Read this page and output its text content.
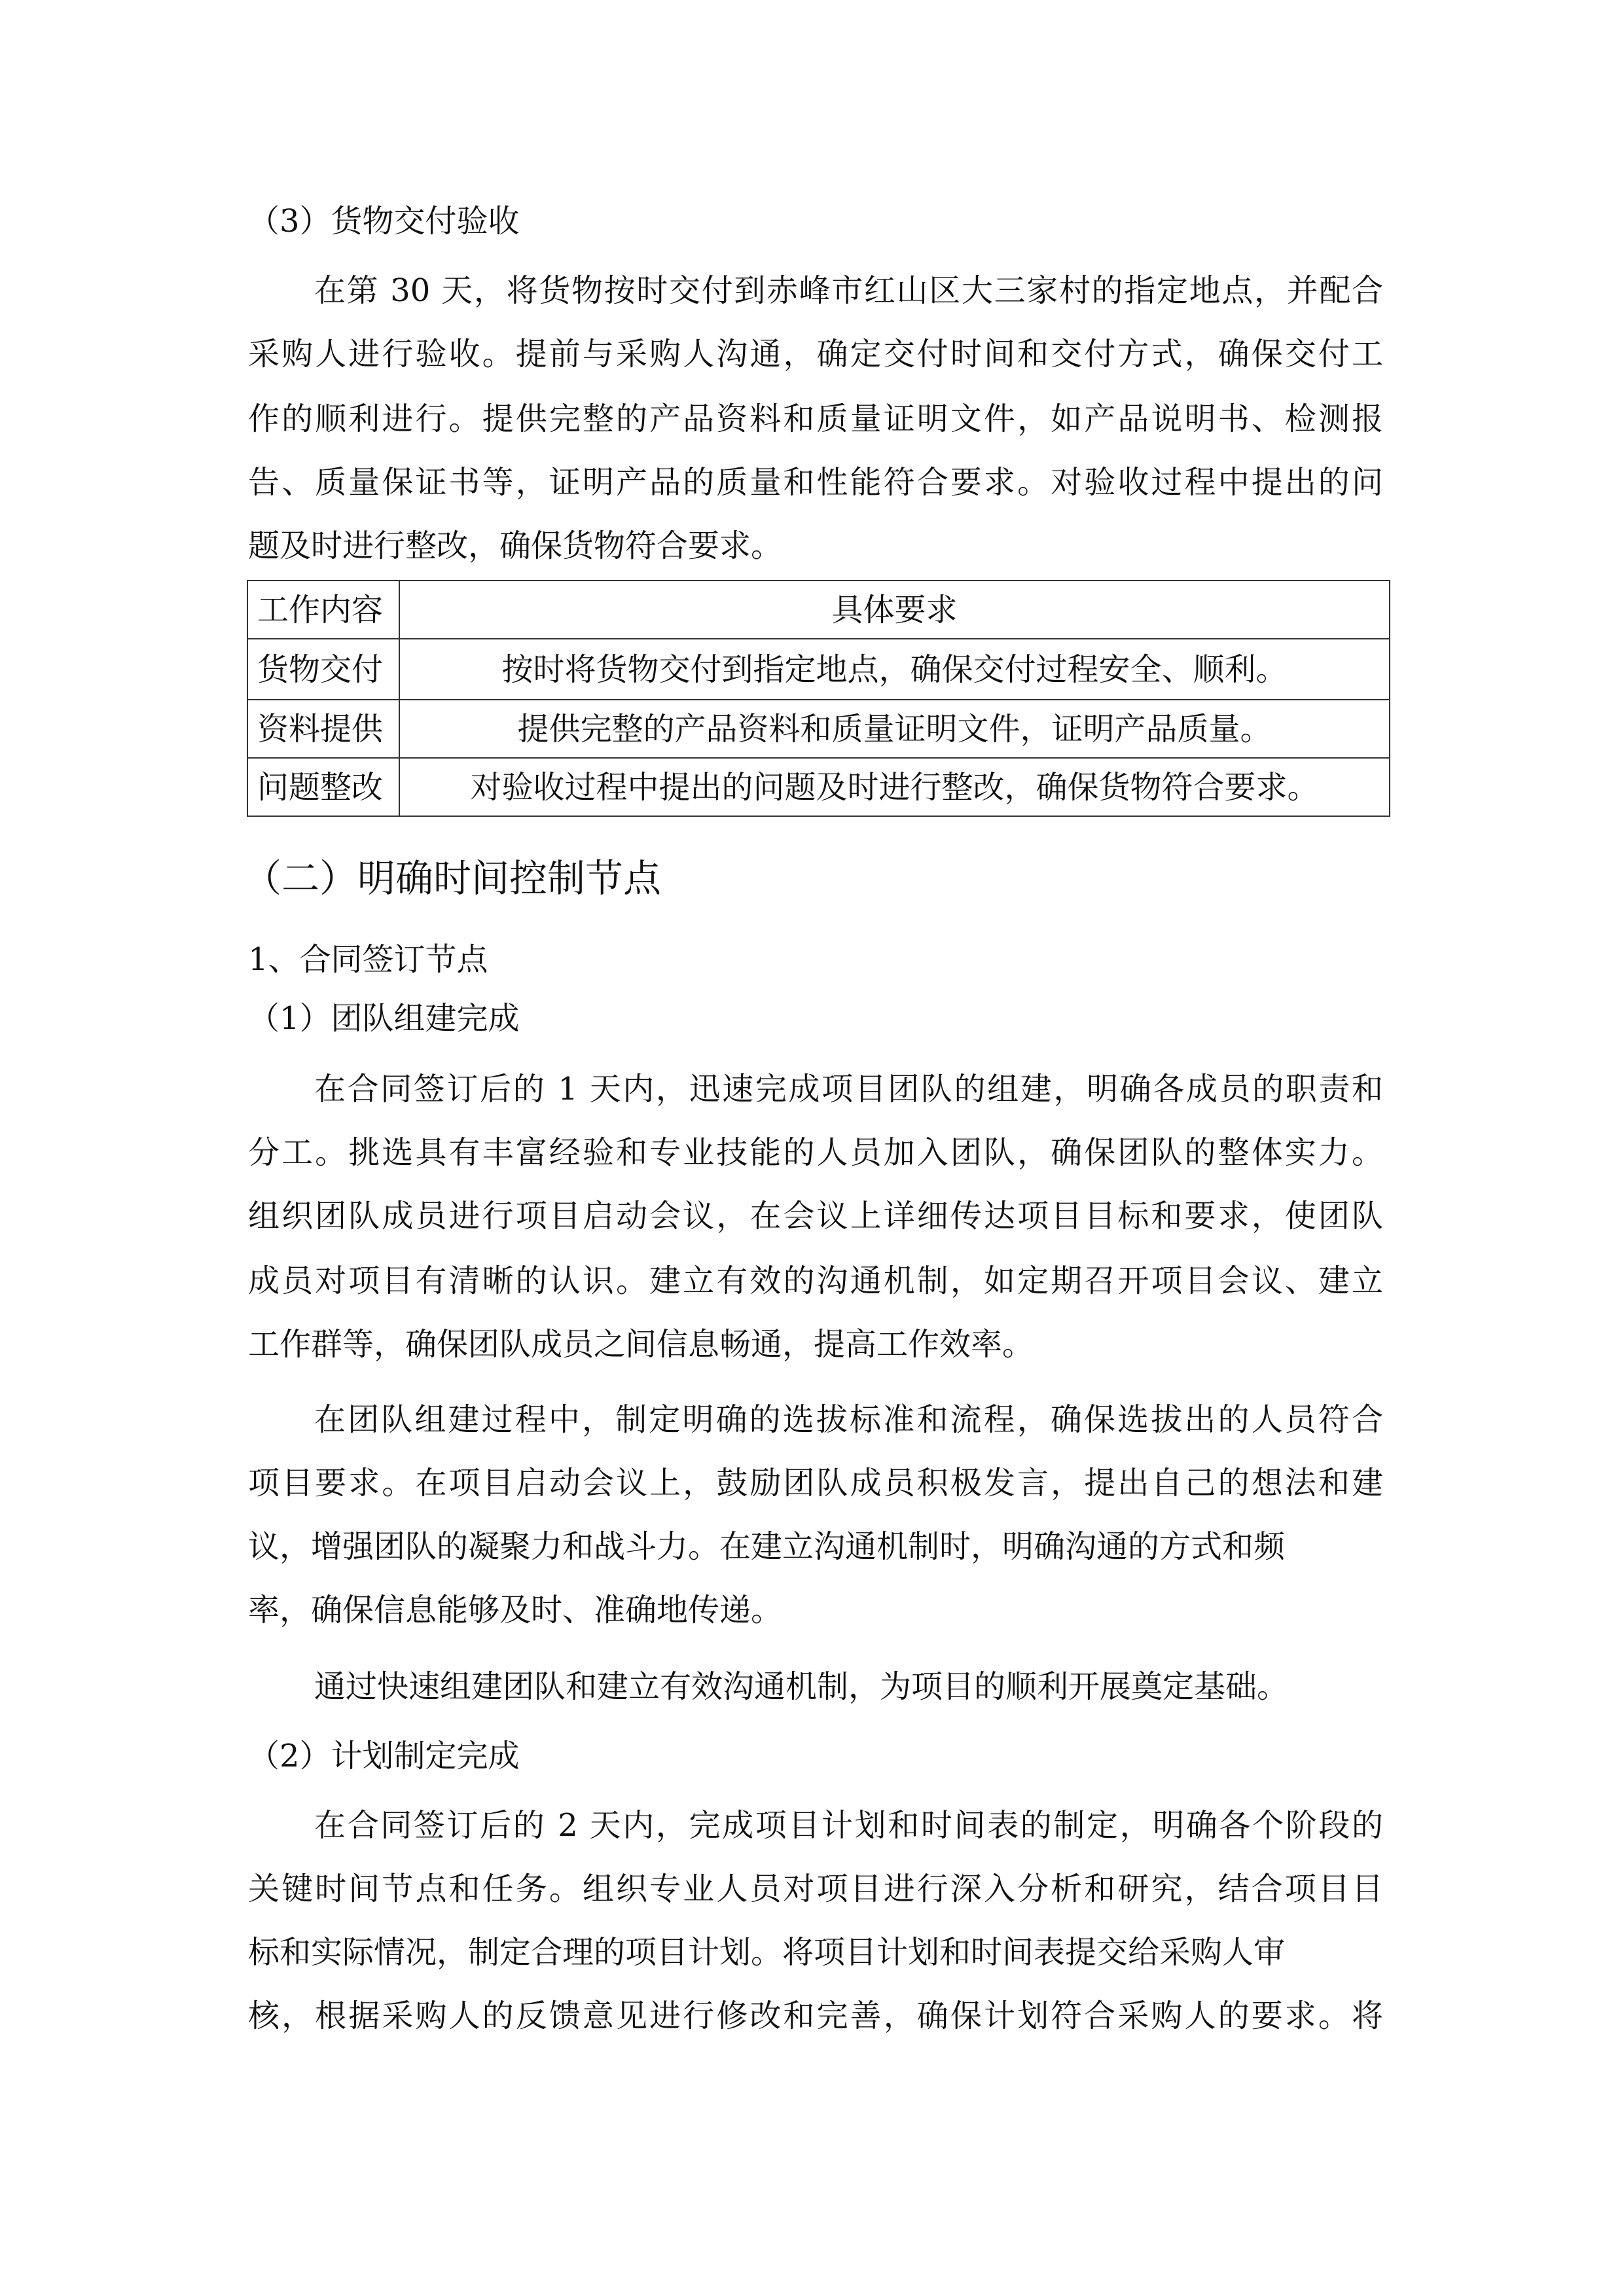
（3）货物交付验收
在第 30 天，将货物按时交付到赤峰市红山区大三家村的指定地点，并配合
采购人进行验收。提前与采购人沟通，确定交付时间和交付方式，确保交付工
作的顺利进行。提供完整的产品资料和质量证明文件，如产品说明书、检测报
告、质量保证书等，证明产品的质量和性能符合要求。对验收过程中提出的问
题及时进行整改，确保货物符合要求。
工作内容	具体要求
货物交付	按时将货物交付到指定地点，确保交付过程安全、顺利。
资料提供	提供完整的产品资料和质量证明文件，证明产品质量。
问题整改	对验收过程中提出的问题及时进行整改，确保货物符合要求。
（二）明确时间控制节点
1、合同签订节点
（1）团队组建完成
在合同签订后的 1 天内，迅速完成项目团队的组建，明确各成员的职责和
分工。挑选具有丰富经验和专业技能的人员加入团队，确保团队的整体实力。
组织团队成员进行项目启动会议，在会议上详细传达项目目标和要求，使团队
成员对项目有清晰的认识。建立有效的沟通机制，如定期召开项目会议、建立
工作群等，确保团队成员之间信息畅通，提高工作效率。
在团队组建过程中，制定明确的选拔标准和流程，确保选拔出的人员符合
项目要求。在项目启动会议上，鼓励团队成员积极发言，提出自己的想法和建
议，增强团队的凝聚力和战斗力。在建立沟通机制时，明确沟通的方式和频
率，确保信息能够及时、准确地传递。
通过快速组建团队和建立有效沟通机制，为项目的顺利开展奠定基础。
（2）计划制定完成
在合同签订后的 2 天内，完成项目计划和时间表的制定，明确各个阶段的
关键时间节点和任务。组织专业人员对项目进行深入分析和研究，结合项目目
标和实际情况，制定合理的项目计划。将项目计划和时间表提交给采购人审
核，根据采购人的反馈意见进行修改和完善，确保计划符合采购人的要求。将
